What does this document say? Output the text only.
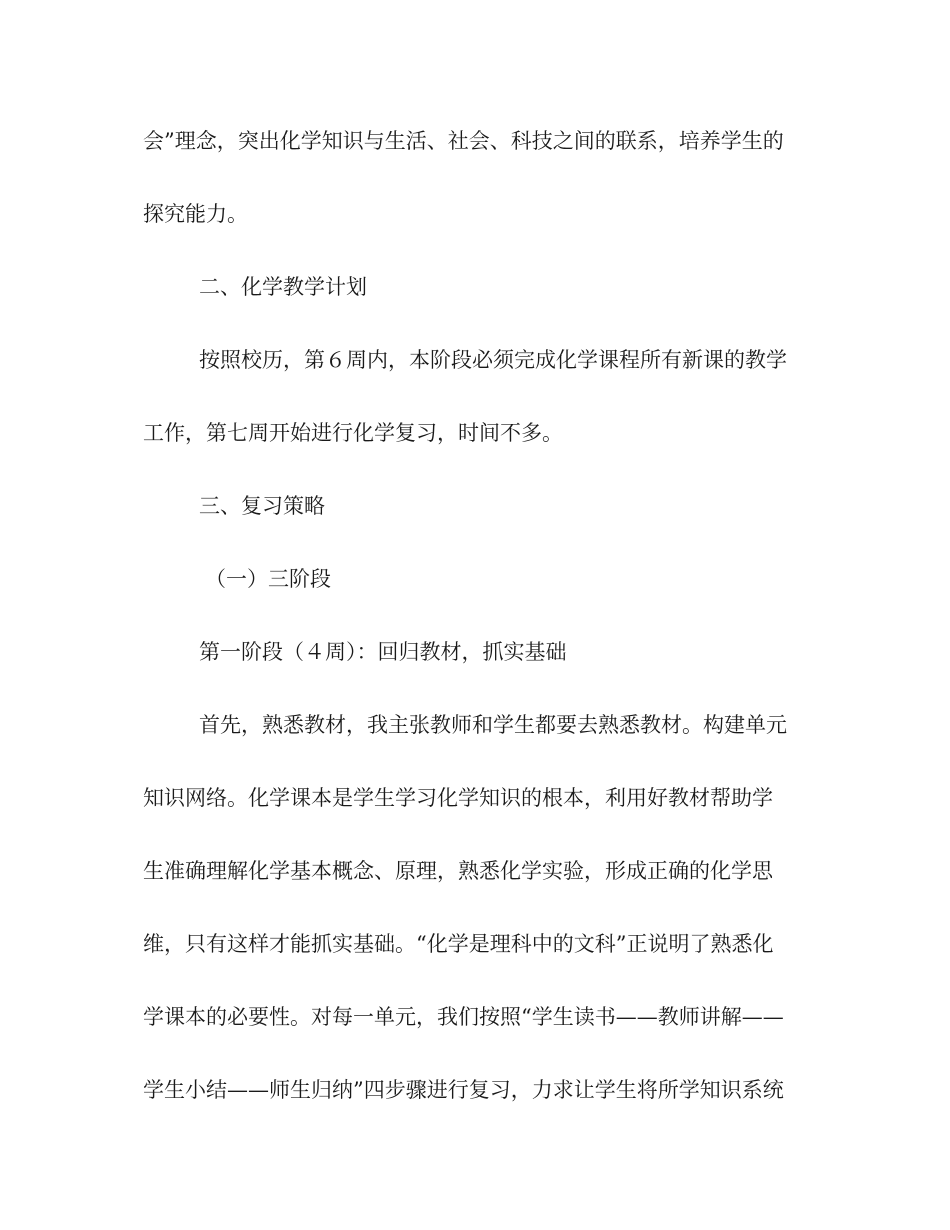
会”理念，突出化学知识与生活、社会、科技之间的联系，培养学生的
探究能力。
二、化学教学计划
按照校历，第６周内，本阶段必须完成化学课程所有新课的教学
工作，第七周开始进行化学复习，时间不多。
三、复习策略
（一）三阶段
第一阶段（４周）：回归教材，抓实基础
首先，熟悉教材，我主张教师和学生都要去熟悉教材。构建单元
知识网络。化学课本是学生学习化学知识的根本，利用好教材帮助学
生准确理解化学基本概念、原理，熟悉化学实验，形成正确的化学思
维，只有这样才能抓实基础。“化学是理科中的文科”正说明了熟悉化
学课本的必要性。对每一单元，我们按照“学生读书——教师讲解——
学生小结——师生归纳”四步骤进行复习，力求让学生将所学知识系统
